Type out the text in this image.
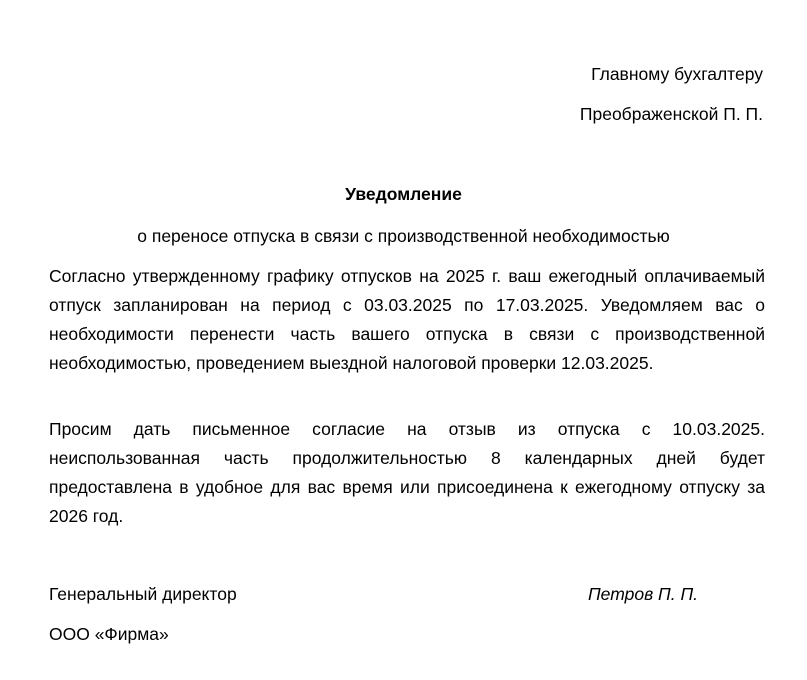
Главному бухгалтеру
Преображенской П. П.
Уведомление
о переносе отпуска в связи с производственной необходимостью

Согласно утвержденному графику отпусков на 2025 г. ваш ежегодный оплачиваемый отпуск запланирован на период с 03.03.2025 по 17.03.2025. Уведомляем вас о необходимости перенести часть вашего отпуска в связи с производственной необходимостью, проведением выездной налоговой проверки 12.03.2025.

Просим дать письменное согласие на отзыв из отпуска с 10.03.2025. неиспользованная часть продолжительностью 8 календарных дней будет предоставлена в удобное для вас время или присоединена к ежегодному отпуску за 2026 год.

Генеральный директор
ООО «Фирма»
Петров П. П.
